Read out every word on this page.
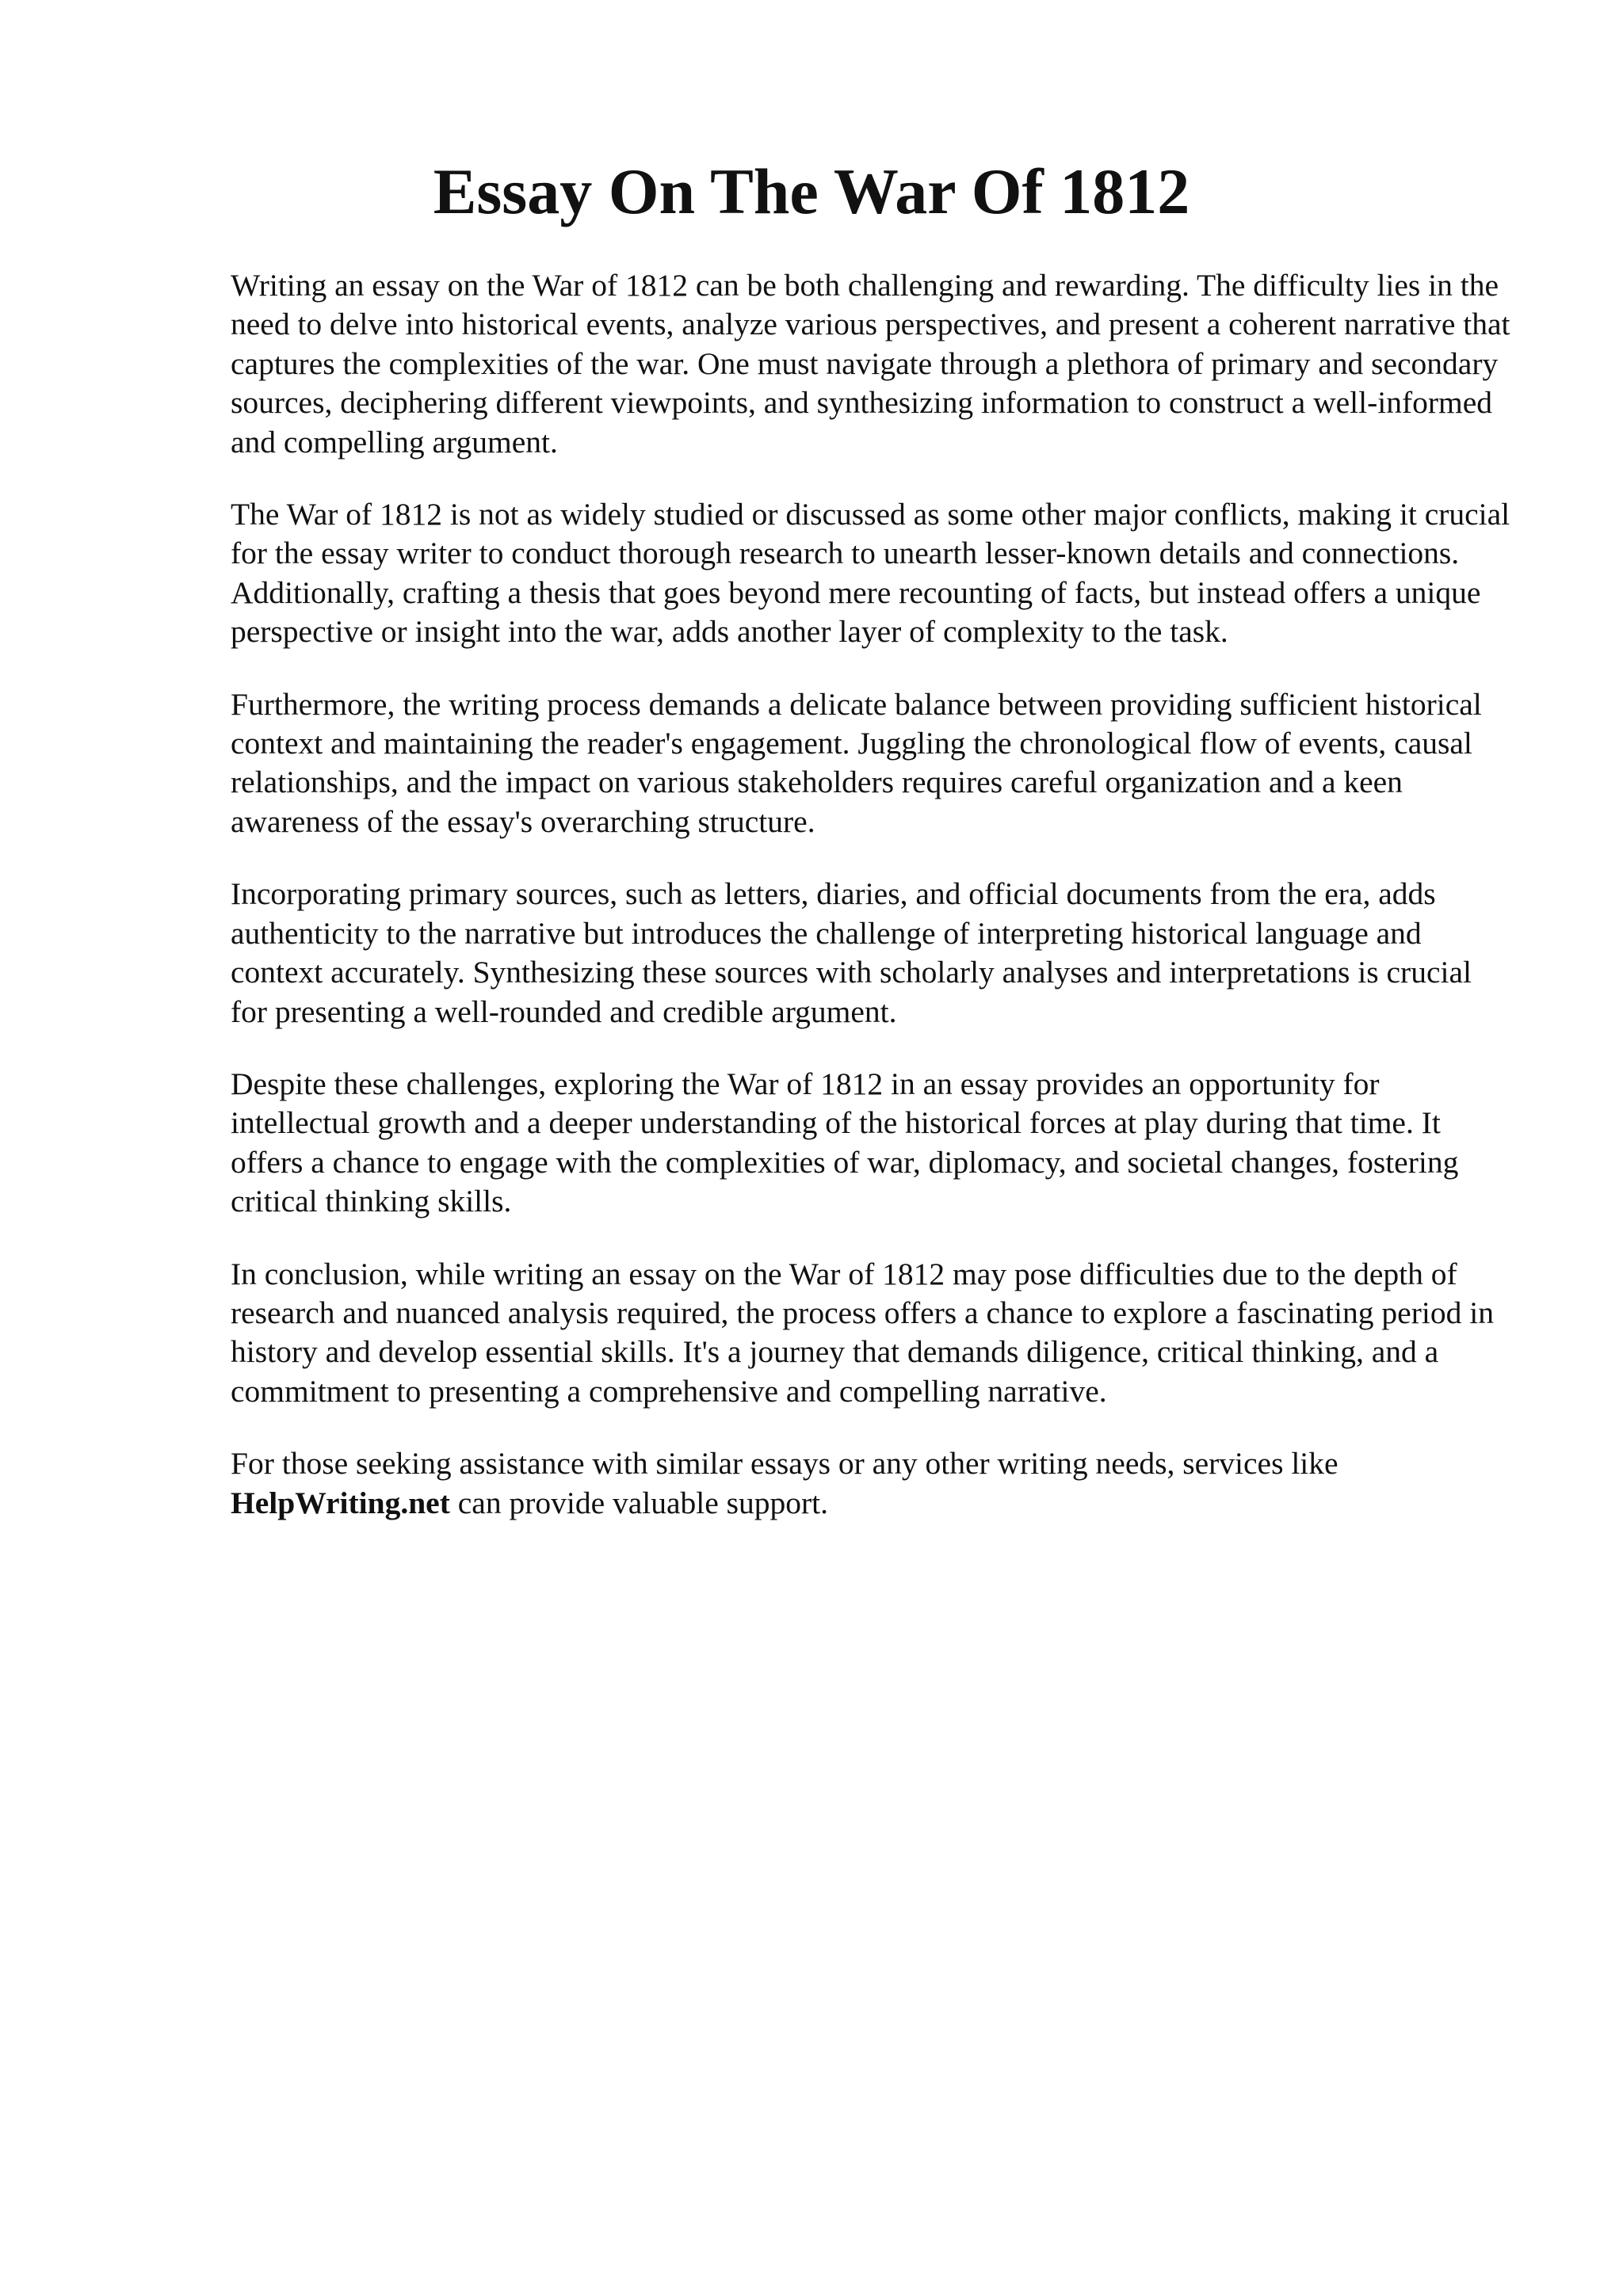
Essay On The War Of 1812

Writing an essay on the War of 1812 can be both challenging and rewarding. The difficulty lies in the need to delve into historical events, analyze various perspectives, and present a coherent narrative that captures the complexities of the war. One must navigate through a plethora of primary and secondary sources, deciphering different viewpoints, and synthesizing information to construct a well-informed and compelling argument.

The War of 1812 is not as widely studied or discussed as some other major conflicts, making it crucial for the essay writer to conduct thorough research to unearth lesser-known details and connections. Additionally, crafting a thesis that goes beyond mere recounting of facts, but instead offers a unique perspective or insight into the war, adds another layer of complexity to the task.

Furthermore, the writing process demands a delicate balance between providing sufficient historical context and maintaining the reader's engagement. Juggling the chronological flow of events, causal relationships, and the impact on various stakeholders requires careful organization and a keen awareness of the essay's overarching structure.

Incorporating primary sources, such as letters, diaries, and official documents from the era, adds authenticity to the narrative but introduces the challenge of interpreting historical language and context accurately. Synthesizing these sources with scholarly analyses and interpretations is crucial for presenting a well-rounded and credible argument.

Despite these challenges, exploring the War of 1812 in an essay provides an opportunity for intellectual growth and a deeper understanding of the historical forces at play during that time. It offers a chance to engage with the complexities of war, diplomacy, and societal changes, fostering critical thinking skills.

In conclusion, while writing an essay on the War of 1812 may pose difficulties due to the depth of research and nuanced analysis required, the process offers a chance to explore a fascinating period in history and develop essential skills. It's a journey that demands diligence, critical thinking, and a commitment to presenting a comprehensive and compelling narrative.

For those seeking assistance with similar essays or any other writing needs, services like HelpWriting.net can provide valuable support.
